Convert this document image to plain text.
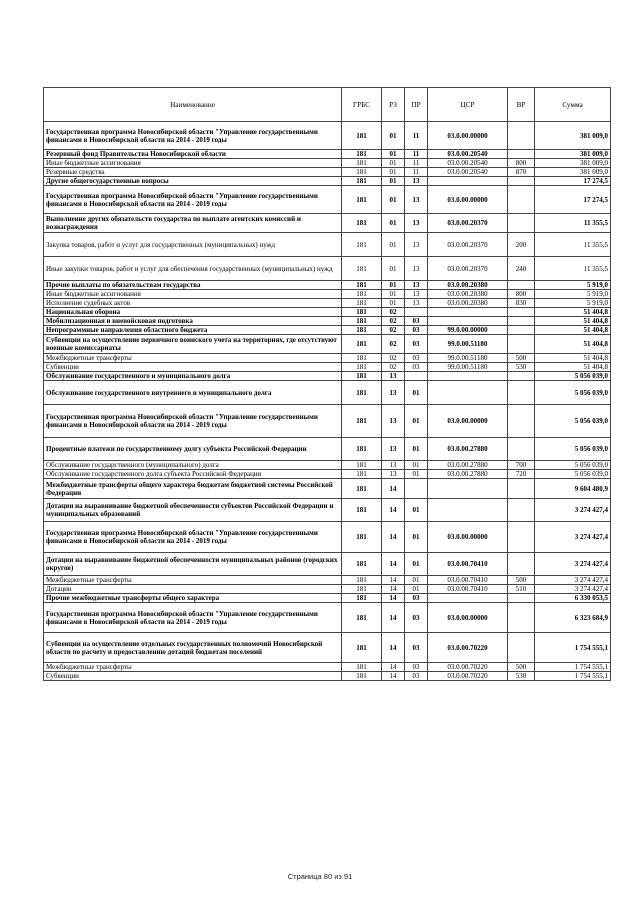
Наименование	ГРБС	РЗ	ПР	ЦСР	ВР	Сумма
Государственная программа Новосибирской области "Управление государственными финансами в Новосибирской области на 2014 - 2019 годы	181	01	11	03.0.00.00000		381 009,0
Резервный фонд Правительства Новосибирской области	181	01	11	03.0.00.20540		381 009,0
Иные бюджетные ассигнования	181	01	11	03.0.00.20540	800	381 009,0
Резервные средства	181	01	11	03.0.00.20540	870	381 009,0
Другие общегосударственные вопросы	181	01	13			17 274,5
Государственная программа Новосибирской области "Управление государственными финансами в Новосибирской области на 2014 - 2019 годы	181	01	13	03.0.00.00000		17 274,5
Выполнение других обязательств государства по выплате агентских комиссий и вознаграждения	181	01	13	03.0.00.20370		11 355,5
Закупка товаров, работ и услуг для государственных (муниципальных) нужд	181	01	13	03.0.00.20370	200	11 355,5
Иные закупки товаров, работ и услуг для обеспечения государственных (муниципальных) нужд	181	01	13	03.0.00.20370	240	11 355,5
Прочие выплаты по обязательствам государства	181	01	13	03.0.00.20380		5 919,0
Иные бюджетные ассигнования	181	01	13	03.0.00.20380	800	5 919,0
Исполнение судебных актов	181	01	13	03.0.00.20380	830	5 919,0
Национальная оборона	181	02				51 404,8
Мобилизационная и вневойсковая подготовка	181	02	03			51 404,8
Непрограммные направления областного бюджета	181	02	03	99.0.00.00000		51 404,8
Субвенции на осуществление первичного воинского учета на территориях, где отсутствуют военные комиссариаты	181	02	03	99.0.00.51180		51 404,8
Межбюджетные трансферты	181	02	03	99.0.00.51180	500	51 404,8
Субвенции	181	02	03	99.0.00.51180	530	51 404,8
Обслуживание государственного и муниципального долга	181	13				5 056 039,0
Обслуживание государственного внутреннего и муниципального долга	181	13	01			5 056 039,0
Государственная программа Новосибирской области "Управление государственными финансами в Новосибирской области на 2014 - 2019 годы	181	13	01	03.0.00.00000		5 056 039,0
Процентные платежи по государственному долгу субъекта Российской Федерации	181	13	01	03.0.00.27880		5 056 039,0
Обслуживание государственного (муниципального) долга	181	13	01	03.0.00.27880	700	5 056 039,0
Обслуживание государственного долга субъекта Российской Федерации	181	13	01	03.0.00.27880	720	5 056 039,0
Межбюджетные трансферты общего характера бюджетам бюджетной системы Российской Федерации	181	14				9 604 480,9
Дотации на выравнивание бюджетной обеспеченности субъектов Российской Федерации и муниципальных образований	181	14	01			3 274 427,4
Государственная программа Новосибирской области "Управление государственными финансами в Новосибирской области на 2014 - 2019 годы	181	14	01	03.0.00.00000		3 274 427,4
Дотации на выравнивание бюджетной обеспеченности муниципальных районов (городских округов)	181	14	01	03.0.00.70410		3 274 427,4
Межбюджетные трансферты	181	14	01	03.0.00.70410	500	3 274 427,4
Дотации	181	14	01	03.0.00.70410	510	3 274 427,4
Прочие межбюджетные трансферты общего характера	181	14	03			6 330 053,5
Государственная программа Новосибирской области "Управление государственными финансами в Новосибирской области на 2014 - 2019 годы	181	14	03	03.0.00.00000		6 323 684,9
Субвенции на осуществление отдельных государственных полномочий Новосибирской области по расчету и предоставлению дотаций бюджетам поселений	181	14	03	03.0.00.70220		1 754 555,1
Межбюджетные трансферты	181	14	03	03.0.00.70220	500	1 754 555,1
Субвенции	181	14	03	03.0.00.70220	530	1 754 555,1
Страница 80 из 91
